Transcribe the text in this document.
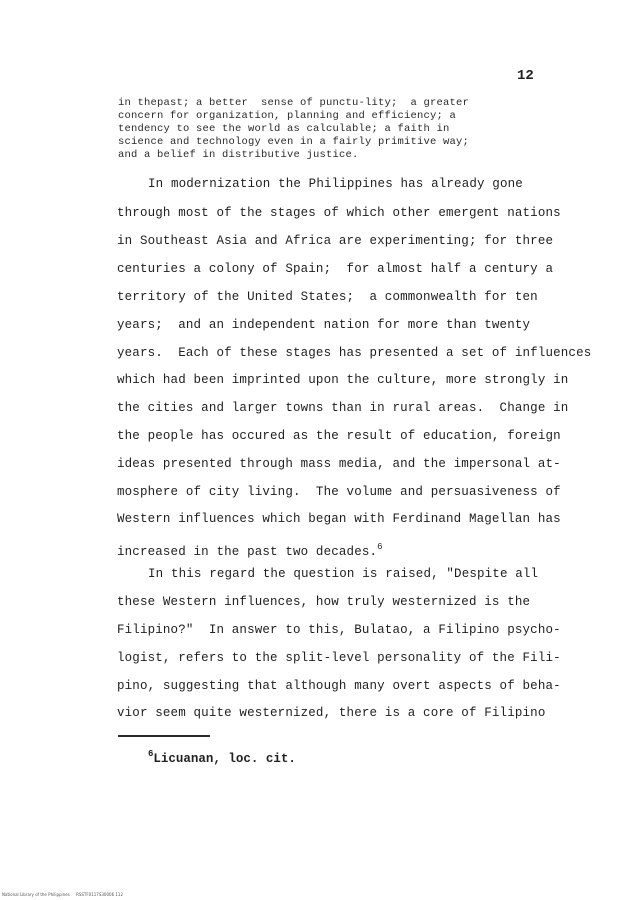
12

in thepast; a better  sense of punctu-lity;  a greater

concern for organization, planning and efficiency; a

tendency to see the world as calculable; a faith in

science and technology even in a fairly primitive way;

and a belief in distributive justice.

In modernization the Philippines has already gone

through most of the stages of which other emergent nations

in Southeast Asia and Africa are experimenting; for three

centuries a colony of Spain;  for almost half a century a

territory of the United States;  a commonwealth for ten

years;  and an independent nation for more than twenty

years.  Each of these stages has presented a set of influences

which had been imprinted upon the culture, more strongly in

the cities and larger towns than in rural areas.  Change in

the people has occured as the result of education, foreign

ideas presented through mass media, and the impersonal at-

mosphere of city living.  The volume and persuasiveness of

Western influences which began with Ferdinand Magellan has

increased in the past two decades.$^6$

In this regard the question is raised, "Despite all

these Western influences, how truly westernized is the

Filipino?"  In answer to this, Bulatao, a Filipino psycho-

logist, refers to the split-level personality of the Fili-

pino, suggesting that although many overt aspects of beha-

vior seem quite westernized, there is a core of Filipino

$^6$Licuanan, loc. cit.

National Library of the Philippines     RSSTF0117S30006 112
